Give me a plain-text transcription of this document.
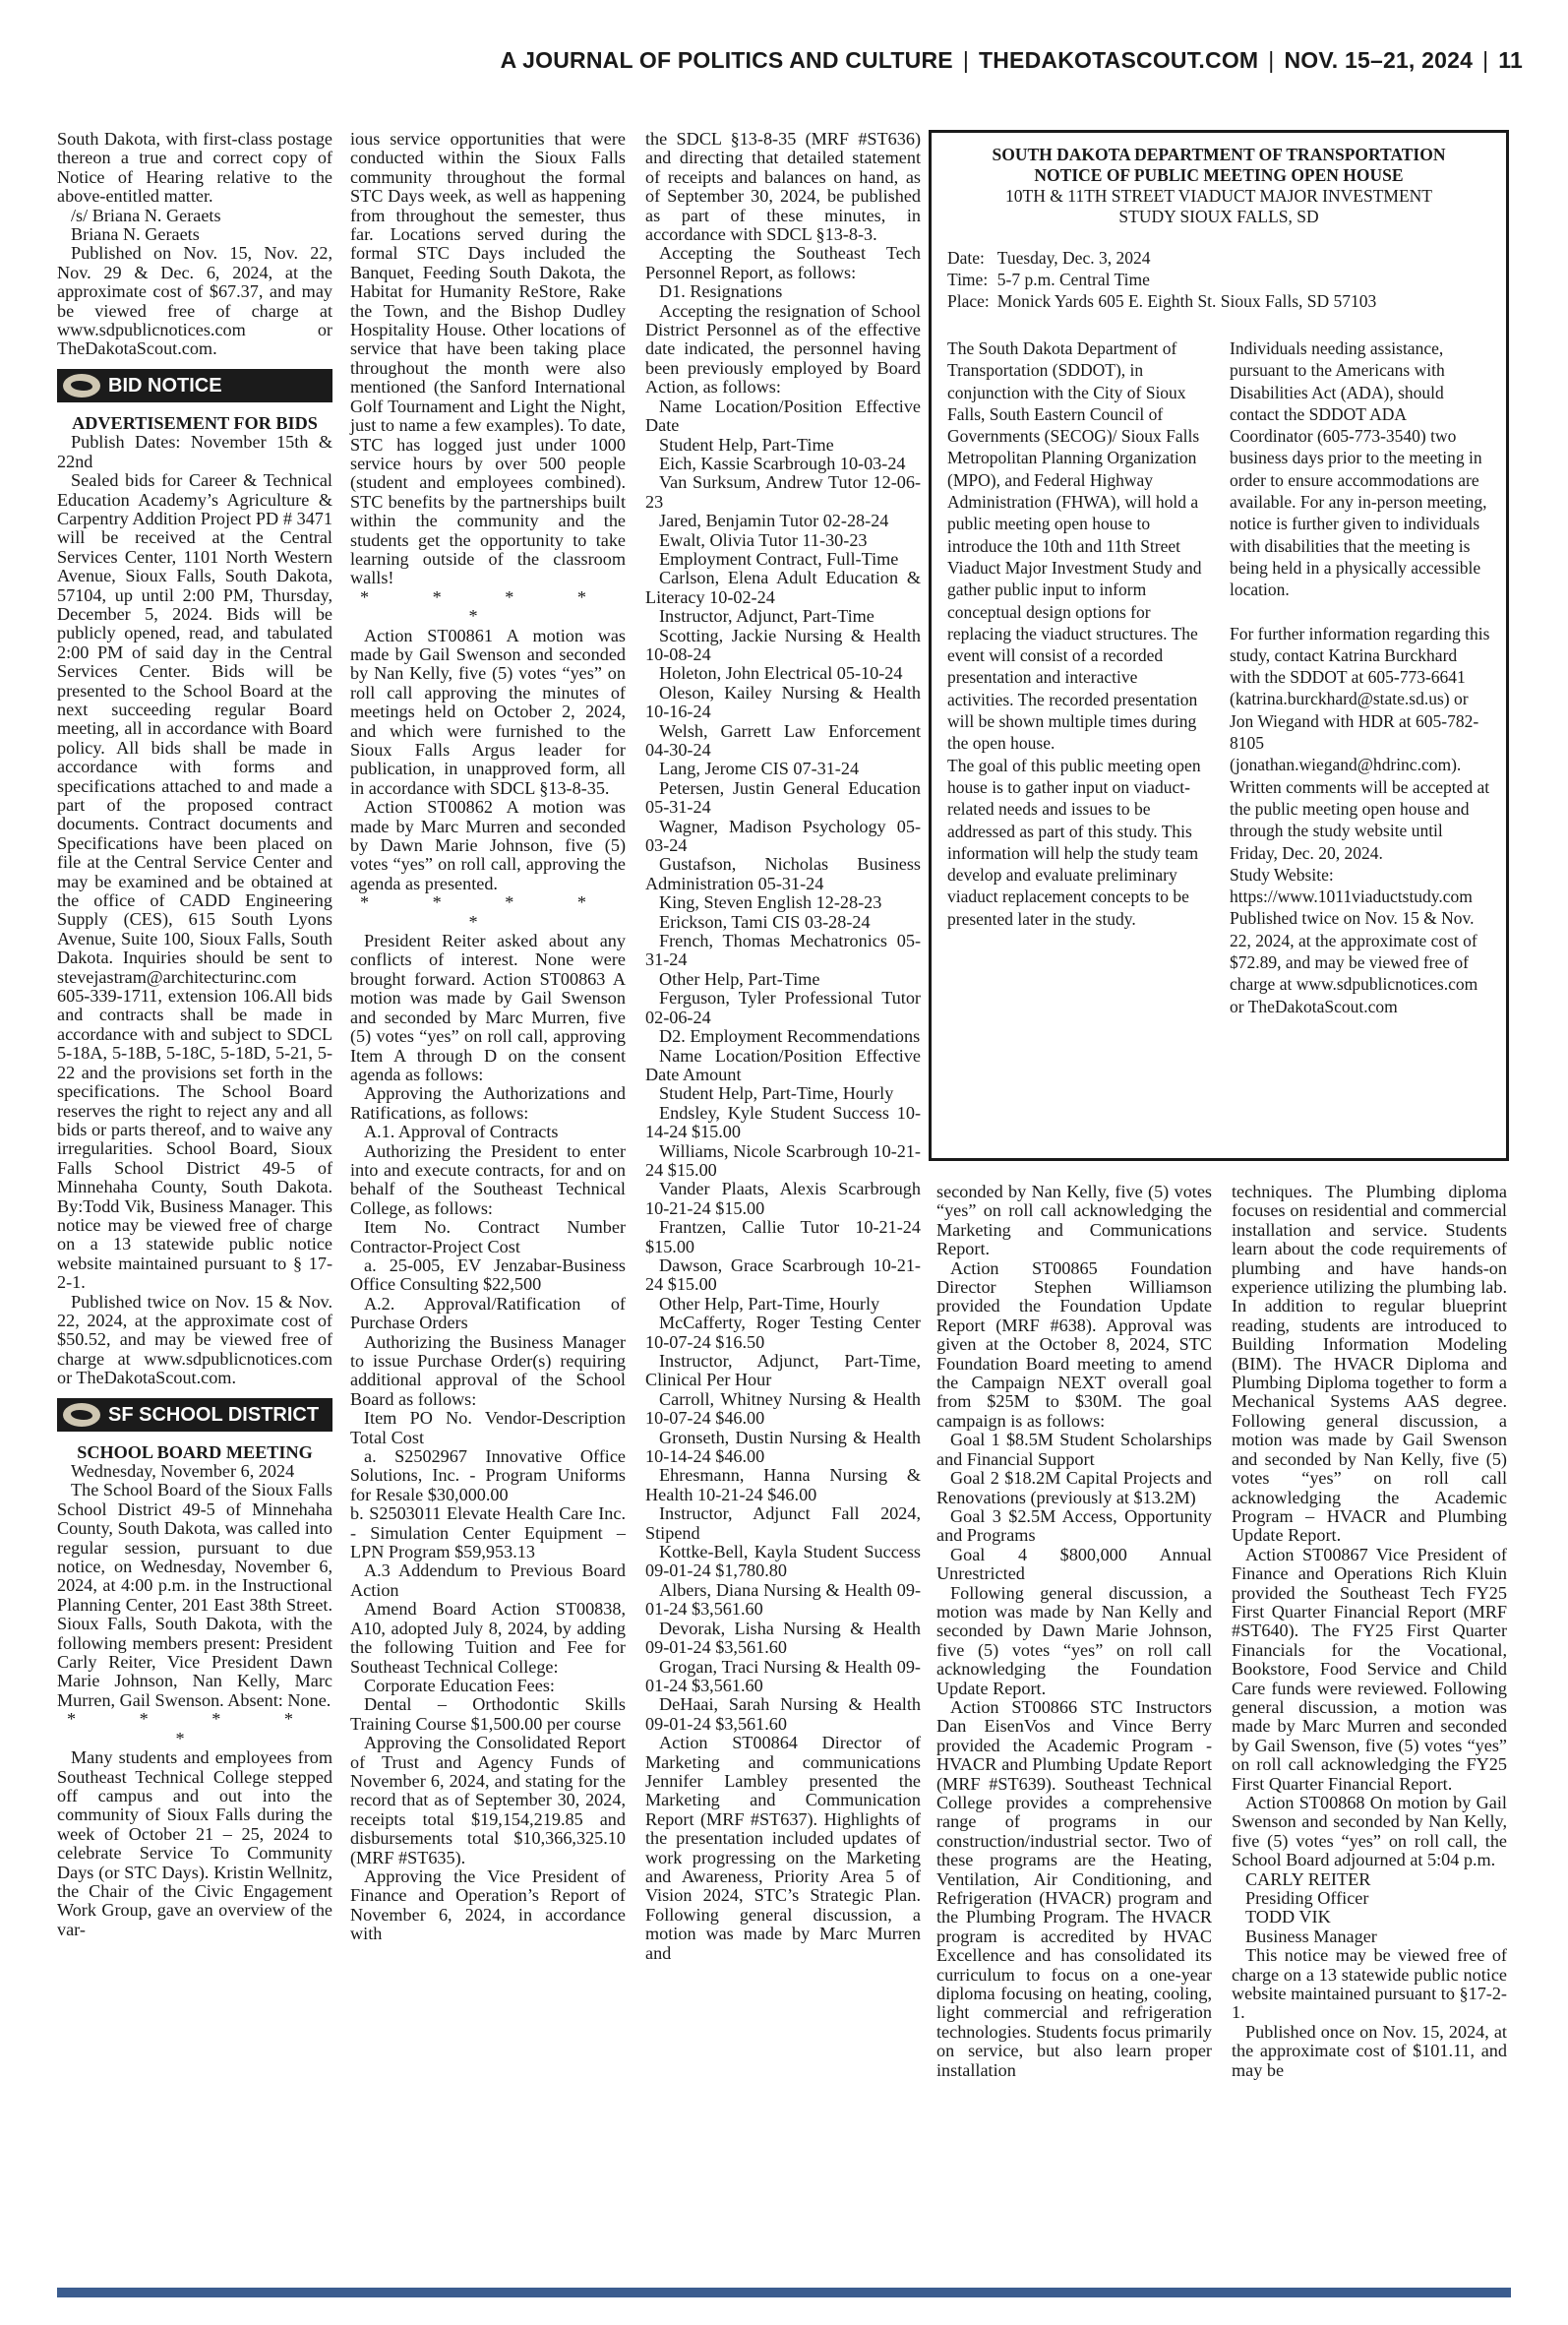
A JOURNAL OF POLITICS AND CULTURE | THEDAKOTASCOUT.COM | NOV. 15–21, 2024 | 11

South Dakota, with first-class postage thereon a true and correct copy of Notice of Hearing relative to the above-entitled matter.

/s/ Briana N. Geraets

Briana N. Geraets

Published on Nov. 15, Nov. 22, Nov. 29 & Dec. 6, 2024, at the approximate cost of $67.37, and may be viewed free of charge at www.sdpublicnotices.com or TheDakotaScout.com.

BID NOTICE

ADVERTISEMENT FOR BIDS

Publish Dates: November 15th & 22nd

Sealed bids for Career & Technical Education Academy’s Agriculture & Carpentry Addition Project PD # 3471 will be received at the Central Services Center, 1101 North Western Avenue, Sioux Falls, South Dakota, 57104, up until 2:00 PM, Thursday, December 5, 2024. Bids will be publicly opened, read, and tabulated 2:00 PM of said day in the Central Services Center. Bids will be presented to the School Board at the next succeeding regular Board meeting, all in accordance with Board policy. All bids shall be made in accordance with forms and specifications attached to and made a part of the proposed contract documents. Contract documents and Specifications have been placed on file at the Central Service Center and may be examined and be obtained at the office of CADD Engineering Supply (CES), 615 South Lyons Avenue, Suite 100, Sioux Falls, South Dakota. Inquiries should be sent to stevejastram@architecturinc.com 605-339-1711, extension 106.All bids and contracts shall be made in accordance with and subject to SDCL 5-18A, 5-18B, 5-18C, 5-18D, 5-21, 5-22 and the provisions set forth in the specifications. The School Board reserves the right to reject any and all bids or parts thereof, and to waive any irregularities. School Board, Sioux Falls School District 49-5 of Minnehaha County, South Dakota. By:Todd Vik, Business Manager. This notice may be viewed free of charge on a 13 statewide public notice website maintained pursuant to § 17-2-1.

Published twice on Nov. 15 & Nov. 22, 2024, at the approximate cost of $50.52, and may be viewed free of charge at www.sdpublicnotices.com or TheDakotaScout.com.

SF SCHOOL DISTRICT

SCHOOL BOARD MEETING

Wednesday, November 6, 2024

The School Board of the Sioux Falls School District 49-5 of Minnehaha County, South Dakota, was called into regular session, pursuant to due notice, on Wednesday, November 6, 2024, at 4:00 p.m. in the Instructional Planning Center, 201 East 38th Street. Sioux Falls, South Dakota, with the following members present: President Carly Reiter, Vice President Dawn Marie Johnson, Nan Kelly, Marc Murren, Gail Swenson. Absent: None.

* * * * *

Many students and employees from Southeast Technical College stepped off campus and out into the community of Sioux Falls during the week of October 21 – 25, 2024 to celebrate Service To Community Days (or STC Days). Kristin Wellnitz, the Chair of the Civic Engagement Work Group, gave an overview of the var-

ious service opportunities that were conducted within the Sioux Falls community throughout the formal STC Days week, as well as happening from throughout the semester, thus far. Locations served during the formal STC Days included the Banquet, Feeding South Dakota, the Habitat for Humanity ReStore, Rake the Town, and the Bishop Dudley Hospitality House. Other locations of service that have been taking place throughout the month were also mentioned (the Sanford International Golf Tournament and Light the Night, just to name a few examples). To date, STC has logged just under 1000 service hours by over 500 people (student and employees combined). STC benefits by the partnerships built within the community and the students get the opportunity to take learning outside of the classroom walls!

* * * * *

Action ST00861 A motion was made by Gail Swenson and seconded by Nan Kelly, five (5) votes “yes” on roll call approving the minutes of meetings held on October 2, 2024, and which were furnished to the Sioux Falls Argus leader for publication, in unapproved form, all in accordance with SDCL §13-8-35.

Action ST00862 A motion was made by Marc Murren and seconded by Dawn Marie Johnson, five (5) votes “yes” on roll call, approving the agenda as presented.

* * * * *

President Reiter asked about any conflicts of interest. None were brought forward. Action ST00863 A motion was made by Gail Swenson and seconded by Marc Murren, five (5) votes “yes” on roll call, approving Item A through D on the consent agenda as follows:

Approving the Authorizations and Ratifications, as follows:

A.1. Approval of Contracts

Authorizing the President to enter into and execute contracts, for and on behalf of the Southeast Technical College, as follows:

Item No. Contract Number Contractor-Project Cost

a. 25-005, EV Jenzabar-Business Office Consulting $22,500

A.2. Approval/Ratification of Purchase Orders

Authorizing the Business Manager to issue Purchase Order(s) requiring additional approval of the School Board as follows:

Item PO No. Vendor-Description Total Cost

a. S2502967 Innovative Office Solutions, Inc. - Program Uniforms for Resale $30,000.00

b. S2503011 Elevate Health Care Inc. - Simulation Center Equipment – LPN Program $59,953.13

A.3 Addendum to Previous Board Action

Amend Board Action ST00838, A10, adopted July 8, 2024, by adding the following Tuition and Fee for Southeast Technical College:

Corporate Education Fees:

Dental – Orthodontic Skills Training Course $1,500.00 per course

Approving the Consolidated Report of Trust and Agency Funds of November 6, 2024, and stating for the record that as of September 30, 2024, receipts total $19,154,219.85 and disbursements total $10,366,325.10 (MRF #ST635).

Approving the Vice President of Finance and Operation’s Report of November 6, 2024, in accordance with

the SDCL §13-8-35 (MRF #ST636) and directing that detailed statement of receipts and balances on hand, as of September 30, 2024, be published as part of these minutes, in accordance with SDCL §13-8-3.

Accepting the Southeast Tech Personnel Report, as follows:

D1. Resignations

Accepting the resignation of School District Personnel as of the effective date indicated, the personnel having been previously employed by Board Action, as follows:

Name Location/Position Effective Date

Student Help, Part-Time

Eich, Kassie Scarbrough 10-03-24

Van Surksum, Andrew Tutor 12-06-23

Jared, Benjamin Tutor 02-28-24

Ewalt, Olivia Tutor 11-30-23

Employment Contract, Full-Time

Carlson, Elena Adult Education & Literacy 10-02-24

Instructor, Adjunct, Part-Time

Scotting, Jackie Nursing & Health 10-08-24

Holeton, John Electrical 05-10-24

Oleson, Kailey Nursing & Health 10-16-24

Welsh, Garrett Law Enforcement 04-30-24

Lang, Jerome CIS 07-31-24

Petersen, Justin General Education 05-31-24

Wagner, Madison Psychology 05-03-24

Gustafson, Nicholas Business Administration 05-31-24

King, Steven English 12-28-23

Erickson, Tami CIS 03-28-24

French, Thomas Mechatronics 05-31-24

Other Help, Part-Time

Ferguson, Tyler Professional Tutor 02-06-24

D2. Employment Recommendations

Name Location/Position Effective Date Amount

Student Help, Part-Time, Hourly

Endsley, Kyle Student Success 10-14-24 $15.00

Williams, Nicole Scarbrough 10-21-24 $15.00

Vander Plaats, Alexis Scarbrough 10-21-24 $15.00

Frantzen, Callie Tutor 10-21-24 $15.00

Dawson, Grace Scarbrough 10-21-24 $15.00

Other Help, Part-Time, Hourly

McCafferty, Roger Testing Center 10-07-24 $16.50

Instructor, Adjunct, Part-Time, Clinical Per Hour

Carroll, Whitney Nursing & Health 10-07-24 $46.00

Gronseth, Dustin Nursing & Health 10-14-24 $46.00

Ehresmann, Hanna Nursing & Health 10-21-24 $46.00

Instructor, Adjunct Fall 2024, Stipend

Kottke-Bell, Kayla Student Success 09-01-24 $1,780.80

Albers, Diana Nursing & Health 09-01-24 $3,561.60

Devorak, Lisha Nursing & Health 09-01-24 $3,561.60

Grogan, Traci Nursing & Health 09-01-24 $3,561.60

DeHaai, Sarah Nursing & Health 09-01-24 $3,561.60

Action ST00864 Director of Marketing and communications Jennifer Lambley presented the Marketing and Communication Report (MRF #ST637). Highlights of the presentation included updates of work progressing on the Marketing and Awareness, Priority Area 5 of Vision 2024, STC’s Strategic Plan. Following general discussion, a motion was made by Marc Murren and

SOUTH DAKOTA DEPARTMENT OF TRANSPORTATION
NOTICE OF PUBLIC MEETING OPEN HOUSE
10TH & 11TH STREET VIADUCT MAJOR INVESTMENT
STUDY SIOUX FALLS, SD
Date:	Tuesday, Dec. 3, 2024
Time:	5-7 p.m. Central Time
Place:	Monick Yards 605 E. Eighth St. Sioux Falls, SD 57103

The South Dakota Department of Transportation (SDDOT), in conjunction with the City of Sioux Falls, South Eastern Council of Governments (SECOG)/ Sioux Falls Metropolitan Planning Organization (MPO), and Federal Highway Administration (FHWA), will hold a public meeting open house to introduce the 10th and 11th Street Viaduct Major Investment Study and gather public input to inform conceptual design options for replacing the viaduct structures. The event will consist of a recorded presentation and interactive activities. The recorded presentation will be shown multiple times during the open house.

The goal of this public meeting open house is to gather input on viaduct-related needs and issues to be addressed as part of this study. This information will help the study team develop and evaluate preliminary viaduct replacement concepts to be presented later in the study.

Individuals needing assistance, pursuant to the Americans with Disabilities Act (ADA), should contact the SDDOT ADA Coordinator (605-773-3540) two business days prior to the meeting in order to ensure accommodations are available. For any in-person meeting, notice is further given to individuals with disabilities that the meeting is being held in a physically accessible location.

For further information regarding this study, contact Katrina Burckhard with the SDDOT at 605-773-6641 (katrina.burckhard@state.sd.us) or Jon Wiegand with HDR at 605-782-8105 (jonathan.wiegand@hdrinc.com). Written comments will be accepted at the public meeting open house and through the study website until Friday, Dec. 20, 2024.

Study Website: https://www.1011viaductstudy.com

Published twice on Nov. 15 & Nov. 22, 2024, at the approximate cost of $72.89, and may be viewed free of charge at www.sdpublicnotices.com or TheDakotaScout.com

seconded by Nan Kelly, five (5) votes “yes” on roll call acknowledging the Marketing and Communications Report.

Action ST00865 Foundation Director Stephen Williamson provided the Foundation Update Report (MRF #638). Approval was given at the October 8, 2024, STC Foundation Board meeting to amend the Campaign NEXT overall goal from $25M to $30M. The goal campaign is as follows:

Goal 1 $8.5M Student Scholarships and Financial Support

Goal 2 $18.2M Capital Projects and Renovations (previously at $13.2M)

Goal 3 $2.5M Access, Opportunity and Programs

Goal 4 $800,000 Annual Unrestricted

Following general discussion, a motion was made by Nan Kelly and seconded by Dawn Marie Johnson, five (5) votes “yes” on roll call acknowledging the Foundation Update Report.

Action ST00866 STC Instructors Dan EisenVos and Vince Berry provided the Academic Program - HVACR and Plumbing Update Report (MRF #ST639). Southeast Technical College provides a comprehensive range of programs in our construction/industrial sector. Two of these programs are the Heating, Ventilation, Air Conditioning, and Refrigeration (HVACR) program and the Plumbing Program. The HVACR program is accredited by HVAC Excellence and has consolidated its curriculum to focus on a one-year diploma focusing on heating, cooling, light commercial and refrigeration technologies. Students focus primarily on service, but also learn proper installation

techniques. The Plumbing diploma focuses on residential and commercial installation and service. Students learn about the code requirements of plumbing and have hands-on experience utilizing the plumbing lab. In addition to regular blueprint reading, students are introduced to Building Information Modeling (BIM). The HVACR Diploma and Plumbing Diploma together to form a Mechanical Systems AAS degree. Following general discussion, a motion was made by Gail Swenson and seconded by Nan Kelly, five (5) votes “yes” on roll call acknowledging the Academic Program – HVACR and Plumbing Update Report.

Action ST00867 Vice President of Finance and Operations Rich Kluin provided the Southeast Tech FY25 First Quarter Financial Report (MRF #ST640). The FY25 First Quarter Financials for the Vocational, Bookstore, Food Service and Child Care funds were reviewed. Following general discussion, a motion was made by Marc Murren and seconded by Gail Swenson, five (5) votes “yes” on roll call acknowledging the FY25 First Quarter Financial Report.

Action ST00868 On motion by Gail Swenson and seconded by Nan Kelly, five (5) votes “yes” on roll call, the School Board adjourned at 5:04 p.m.

CARLY REITER

Presiding Officer

TODD VIK

Business Manager

This notice may be viewed free of charge on a 13 statewide public notice website maintained pursuant to §17-2-1.

Published once on Nov. 15, 2024, at the approximate cost of $101.11, and may be
